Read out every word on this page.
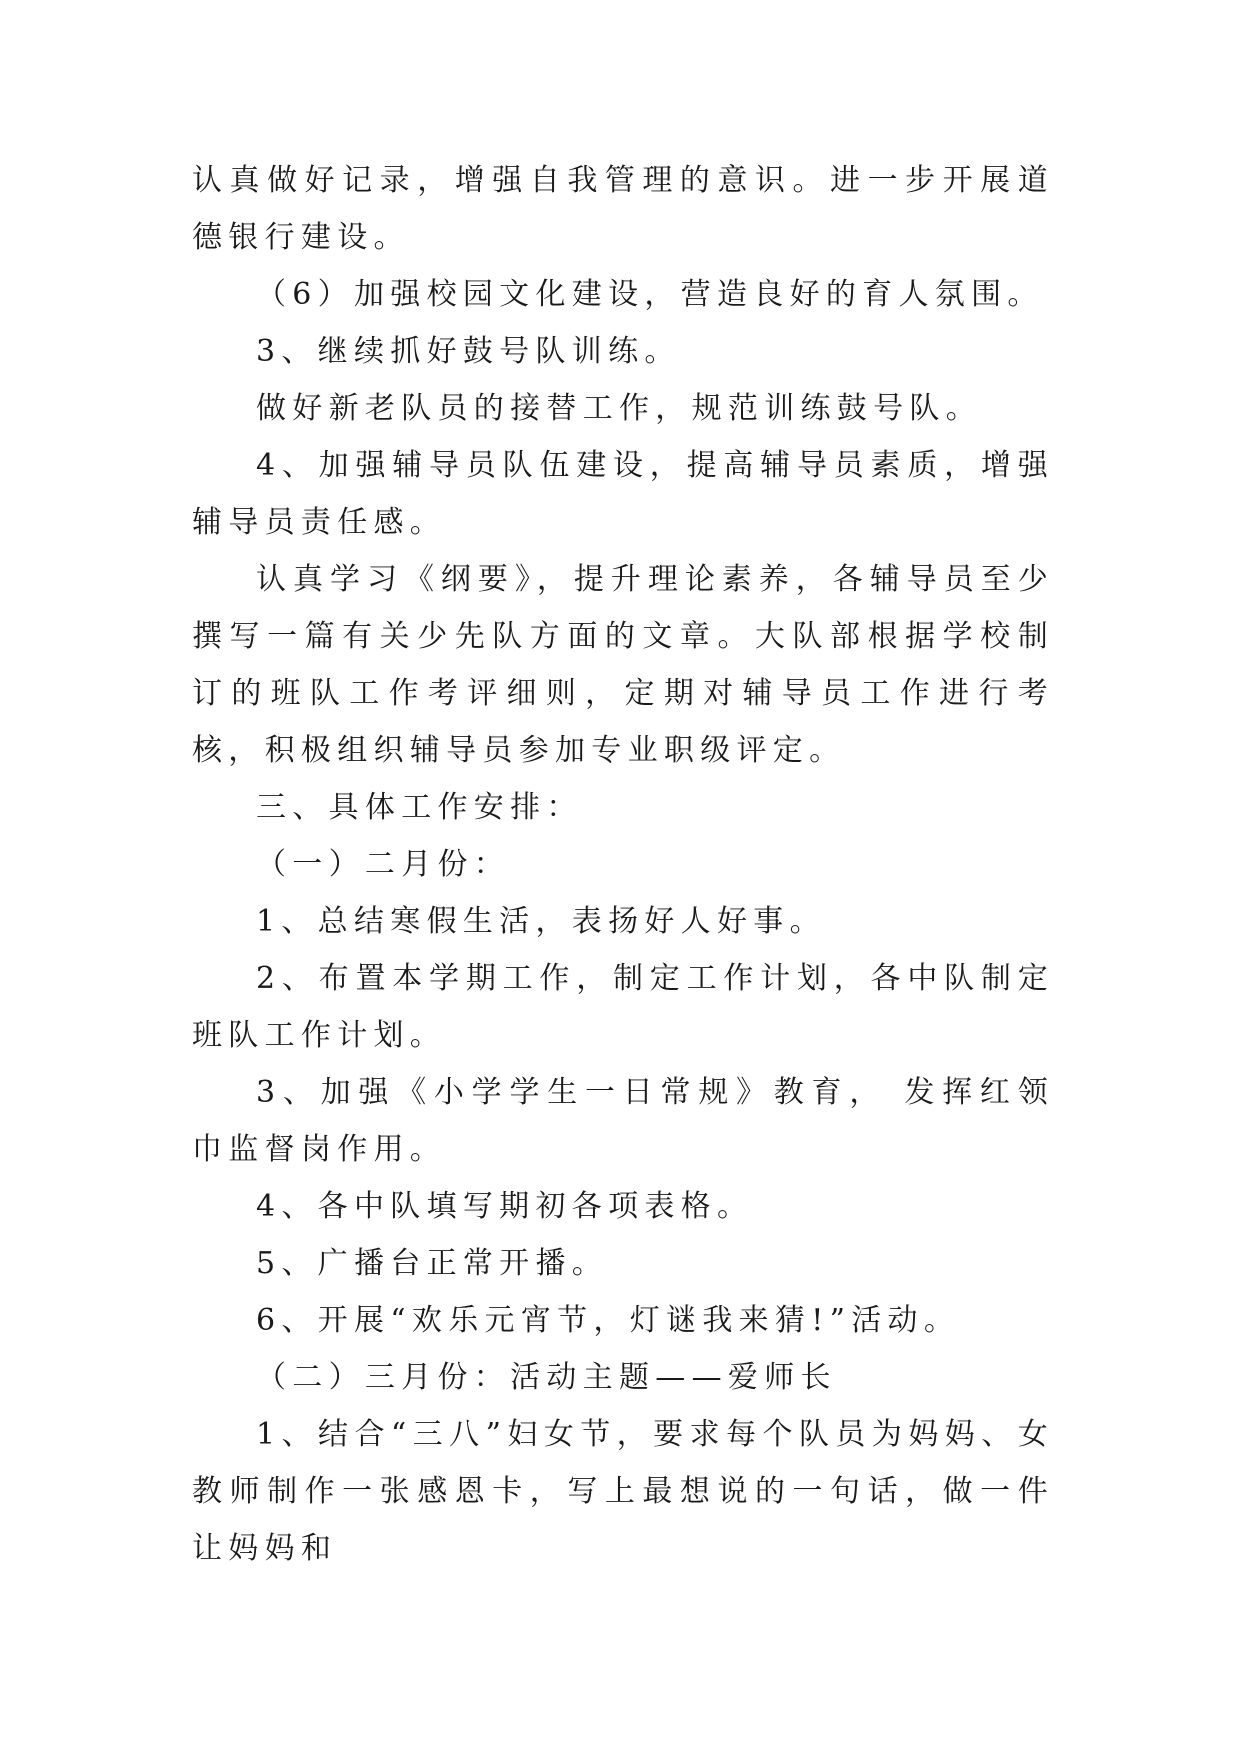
认真做好记录，增强自我管理的意识。进一步开展道德银行建设。

（6）加强校园文化建设，营造良好的育人氛围。

3、继续抓好鼓号队训练。

做好新老队员的接替工作，规范训练鼓号队。

4、加强辅导员队伍建设，提高辅导员素质，增强辅导员责任感。

认真学习《纲要》，提升理论素养，各辅导员至少撰写一篇有关少先队方面的文章。大队部根据学校制订的班队工作考评细则，定期对辅导员工作进行考核，积极组织辅导员参加专业职级评定。

三、具体工作安排：

（一）二月份：

1、总结寒假生活，表扬好人好事。

2、布置本学期工作，制定工作计划，各中队制定班队工作计划。

3、加强《小学学生一日常规》教育， 发挥红领巾监督岗作用。

4、各中队填写期初各项表格。

5、广播台正常开播。

6、开展“欢乐元宵节，灯谜我来猜!”活动。

（二）三月份：活动主题——爱师长

1、结合“三八”妇女节，要求每个队员为妈妈、女教师制作一张感恩卡，写上最想说的一句话，做一件让妈妈和
